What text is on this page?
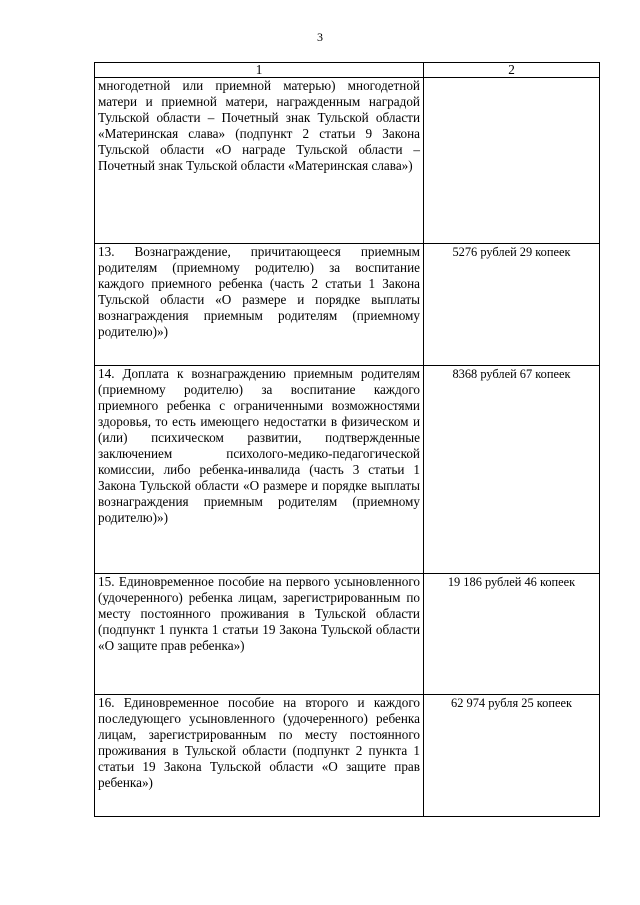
3
1	2
многодетной или приемной матерью) многодетной матери и приемной матери, награжденным наградой Тульской области – Почетный знак Тульской области «Материнская слава» (подпункт 2 статьи 9 Закона Тульской области «О награде Тульской области – Почетный знак Тульской области «Материнская слава»)	
13. Вознаграждение, причитающееся приемным родителям (приемному родителю) за воспитание каждого приемного ребенка (часть 2 статьи 1 Закона Тульской области «О размере и порядке выплаты вознаграждения приемным родителям (приемному родителю)»)	5276 рублей 29 копеек
14. Доплата к вознаграждению приемным родителям (приемному родителю) за воспитание каждого приемного ребенка с ограниченными возможностями здоровья, то есть имеющего недостатки в физическом и (или) психическом развитии, подтвержденные заключением психолого-медико-педагогической комиссии, либо ребенка-инвалида (часть 3 статьи 1 Закона Тульской области «О размере и порядке выплаты вознаграждения приемным родителям (приемному родителю)»)	8368 рублей 67 копеек
15. Единовременное пособие на первого усыновленного (удочеренного) ребенка лицам, зарегистрированным по месту постоянного проживания в Тульской области (подпункт 1 пункта 1 статьи 19 Закона Тульской области «О защите прав ребенка»)	19 186 рублей 46 копеек
16. Единовременное пособие на второго и каждого последующего усыновленного (удочеренного) ребенка лицам, зарегистрированным по месту постоянного проживания в Тульской области (подпункт 2 пункта 1 статьи 19 Закона Тульской области «О защите прав ребенка»)	62 974 рубля 25 копеек
